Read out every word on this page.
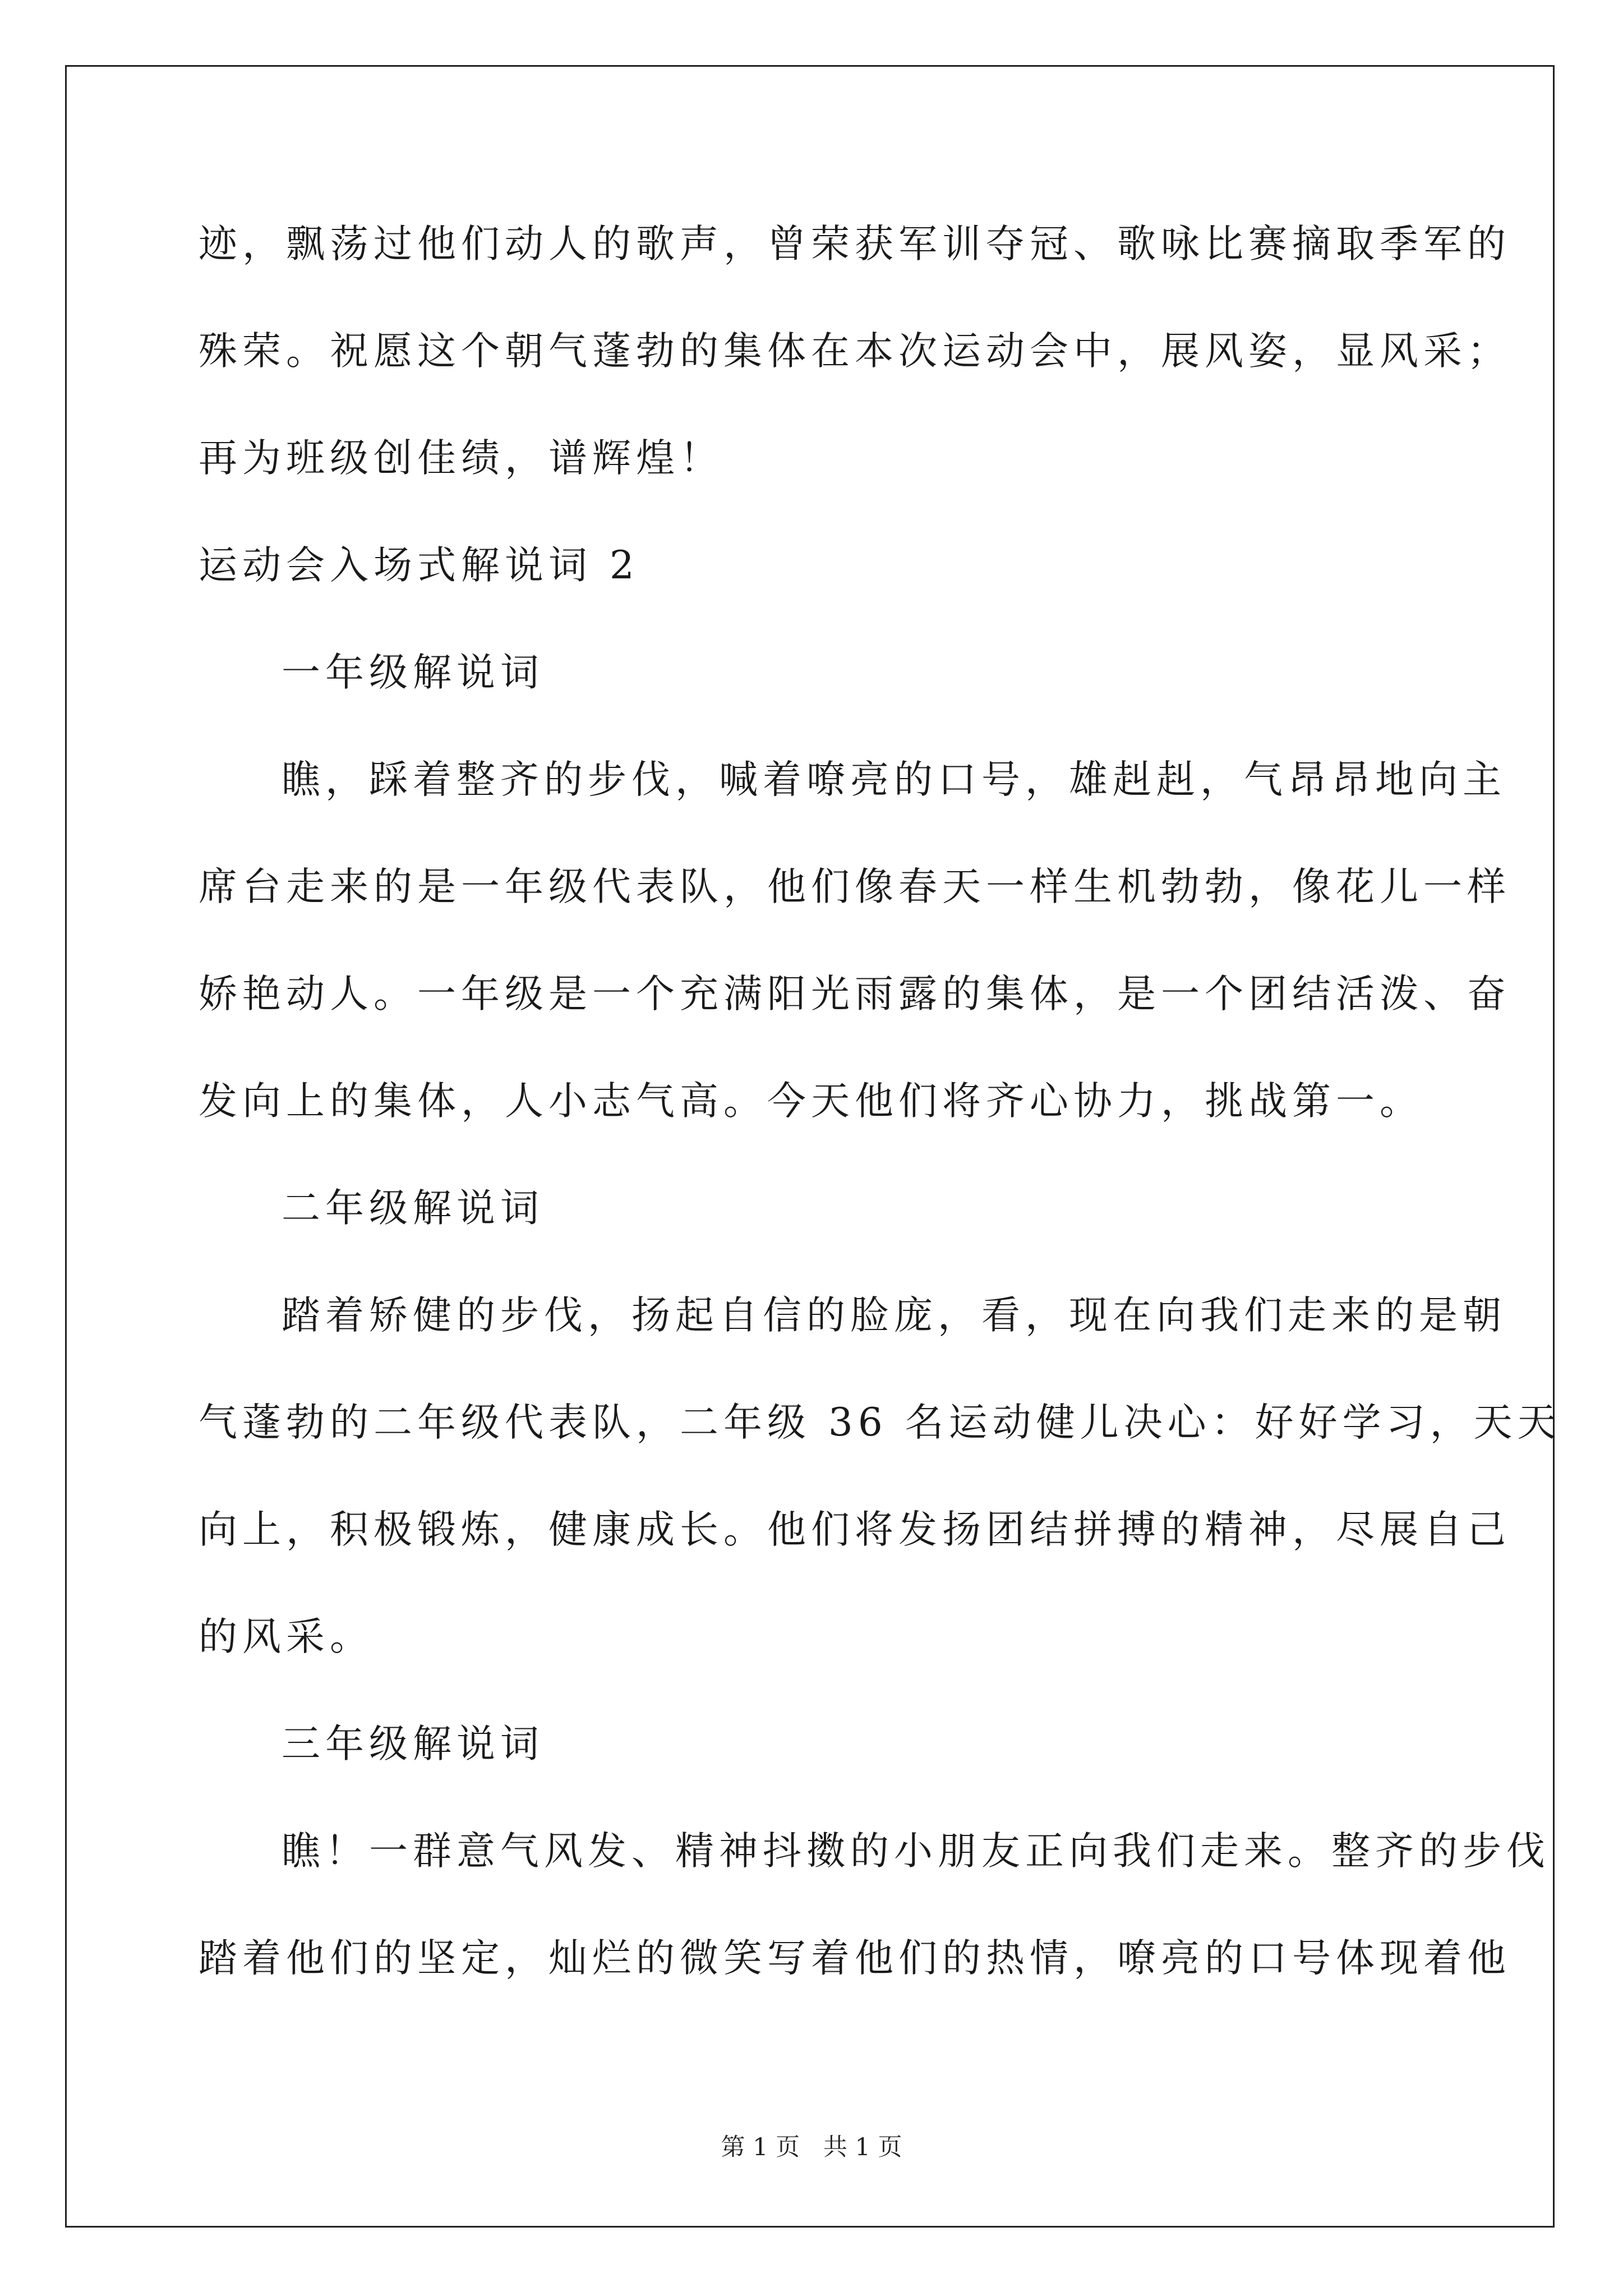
迹，飘荡过他们动人的歌声，曾荣获军训夺冠、歌咏比赛摘取季军的
殊荣。祝愿这个朝气蓬勃的集体在本次运动会中，展风姿，显风采；
再为班级创佳绩，谱辉煌！
运动会入场式解说词 2
一年级解说词
瞧，踩着整齐的步伐，喊着嘹亮的口号，雄赳赳，气昂昂地向主
席台走来的是一年级代表队，他们像春天一样生机勃勃，像花儿一样
娇艳动人。一年级是一个充满阳光雨露的集体，是一个团结活泼、奋
发向上的集体，人小志气高。今天他们将齐心协力，挑战第一。
二年级解说词
踏着矫健的步伐，扬起自信的脸庞，看，现在向我们走来的是朝
气蓬勃的二年级代表队，二年级 36 名运动健儿决心：好好学习，天天
向上，积极锻炼，健康成长。他们将发扬团结拼搏的精神，尽展自己
的风采。
三年级解说词
瞧！一群意气风发、精神抖擞的小朋友正向我们走来。整齐的步伐
踏着他们的坚定，灿烂的微笑写着他们的热情，嘹亮的口号体现着他
第 1 页 共 1 页
